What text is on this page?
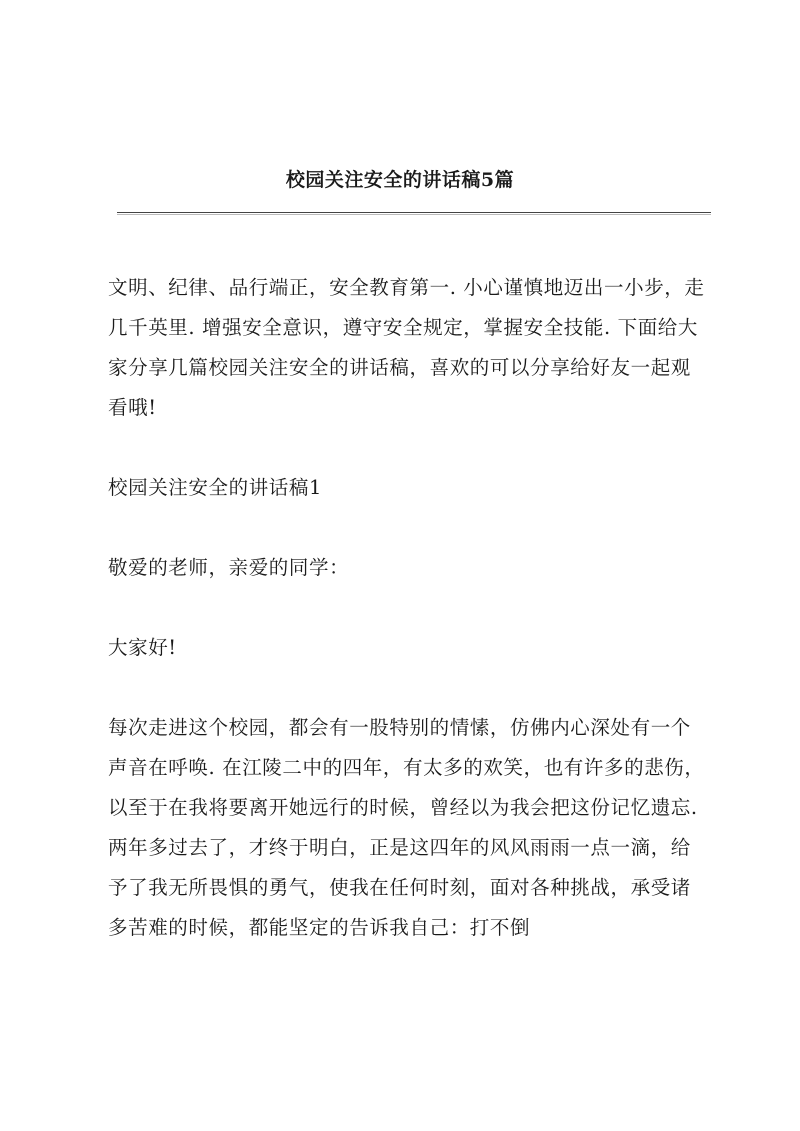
校园关注安全的讲话稿5篇

文明、纪律、品行端正，安全教育第一. 小心谨慎地迈出一小步，走几千英里. 增强安全意识，遵守安全规定，掌握安全技能. 下面给大家分享几篇校园关注安全的讲话稿，喜欢的可以分享给好友一起观看哦!

校园关注安全的讲话稿1

敬爱的老师，亲爱的同学：

大家好!

每次走进这个校园，都会有一股特别的情愫，仿佛内心深处有一个声音在呼唤. 在江陵二中的四年，有太多的欢笑，也有许多的悲伤，以至于在我将要离开她远行的时候，曾经以为我会把这份记忆遗忘. 两年多过去了，才终于明白，正是这四年的风风雨雨一点一滴，给予了我无所畏惧的勇气，使我在任何时刻，面对各种挑战，承受诸多苦难的时候，都能坚定的告诉我自己：打不倒
